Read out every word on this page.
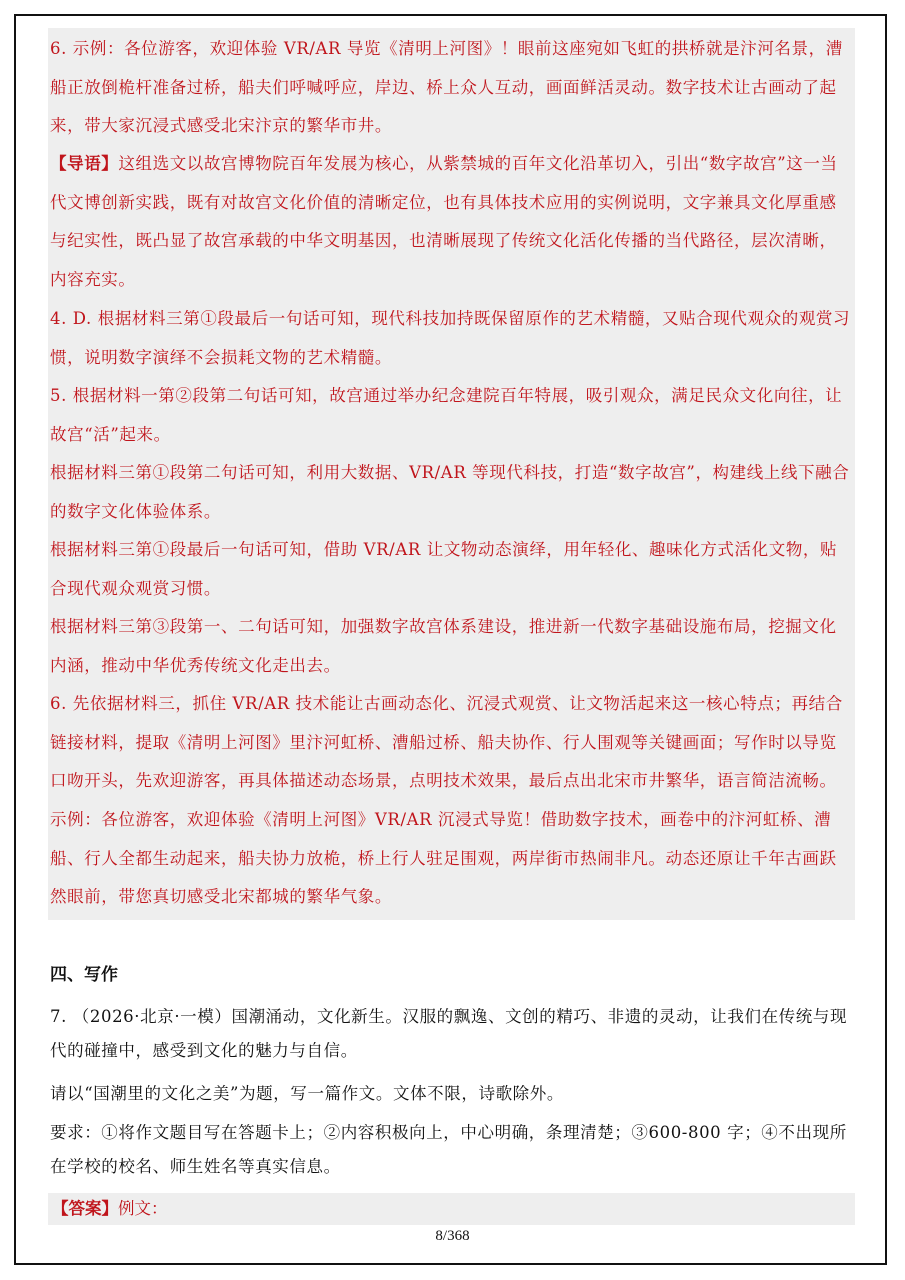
6. 示例：各位游客，欢迎体验 VR/AR 导览《清明上河图》！眼前这座宛如飞虹的拱桥就是汴河名景，漕船正放倒桅杆准备过桥，船夫们呼喊呼应，岸边、桥上众人互动，画面鲜活灵动。数字技术让古画动了起来，带大家沉浸式感受北宋汴京的繁华市井。

【导语】这组选文以故宫博物院百年发展为核心，从紫禁城的百年文化沿革切入，引出“数字故宫”这一当代文博创新实践，既有对故宫文化价值的清晰定位，也有具体技术应用的实例说明，文字兼具文化厚重感与纪实性，既凸显了故宫承载的中华文明基因，也清晰展现了传统文化活化传播的当代路径，层次清晰，内容充实。

4. D. 根据材料三第①段最后一句话可知，现代科技加持既保留原作的艺术精髓，又贴合现代观众的观赏习惯，说明数字演绎不会损耗文物的艺术精髓。

5. 根据材料一第②段第二句话可知，故宫通过举办纪念建院百年特展，吸引观众，满足民众文化向往，让故宫“活”起来。

根据材料三第①段第二句话可知，利用大数据、VR/AR 等现代科技，打造“数字故宫”，构建线上线下融合的数字文化体验体系。

根据材料三第①段最后一句话可知，借助 VR/AR 让文物动态演绎，用年轻化、趣味化方式活化文物，贴合现代观众观赏习惯。

根据材料三第③段第一、二句话可知，加强数字故宫体系建设，推进新一代数字基础设施布局，挖掘文化内涵，推动中华优秀传统文化走出去。

6. 先依据材料三，抓住 VR/AR 技术能让古画动态化、沉浸式观赏、让文物活起来这一核心特点；再结合链接材料，提取《清明上河图》里汴河虹桥、漕船过桥、船夫协作、行人围观等关键画面；写作时以导览口吻开头，先欢迎游客，再具体描述动态场景，点明技术效果，最后点出北宋市井繁华，语言简洁流畅。

示例：各位游客，欢迎体验《清明上河图》VR/AR 沉浸式导览！借助数字技术，画卷中的汴河虹桥、漕船、行人全都生动起来，船夫协力放桅，桥上行人驻足围观，两岸街市热闹非凡。动态还原让千年古画跃然眼前，带您真切感受北宋都城的繁华气象。

四、写作

7. （2026·北京·一模）国潮涌动，文化新生。汉服的飘逸、文创的精巧、非遗的灵动，让我们在传统与现代的碰撞中，感受到文化的魅力与自信。

请以“国潮里的文化之美”为题，写一篇作文。文体不限，诗歌除外。

要求：①将作文题目写在答题卡上；②内容积极向上，中心明确，条理清楚；③600-800 字；④不出现所在学校的校名、师生姓名等真实信息。

【答案】例文：

8/368
